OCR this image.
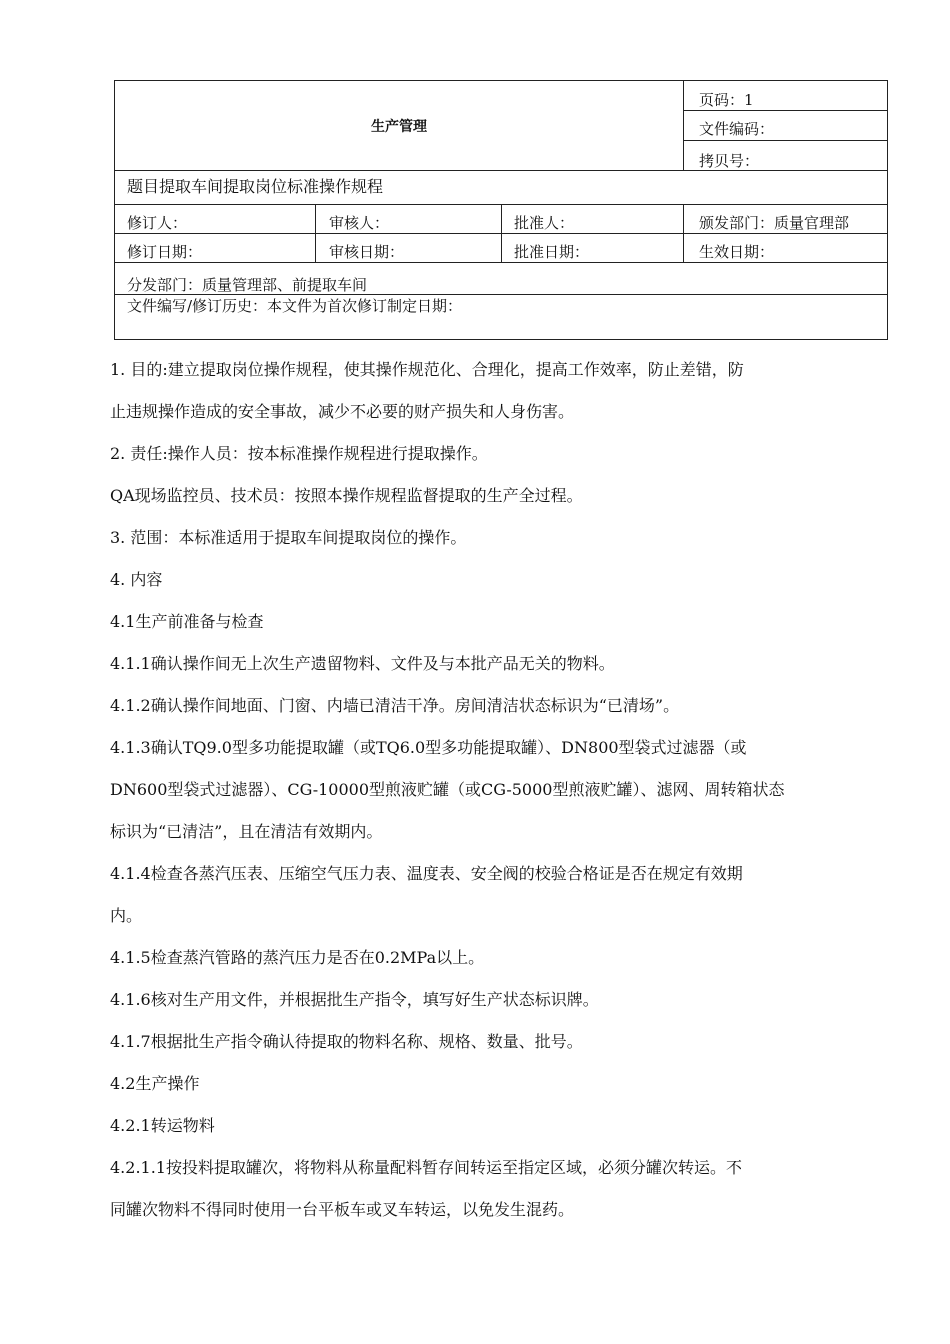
生产管理
页码：1
文件编码：
拷贝号：
题目提取车间提取岗位标准操作规程
修订人：	审核人：	批准人：	颁发部门：质量官理部
修订日期：	审核日期：	批准日期：	生效日期：
分发部门：质量管理部、前提取车间
文件编写/修订历史：本文件为首次修订制定日期：
1. 目的:建立提取岗位操作规程，使其操作规范化、合理化，提高工作效率，防止差错，防
止违规操作造成的安全事故，减少不必要的财产损失和人身伤害。
2. 责任:操作人员：按本标准操作规程进行提取操作。
QA现场监控员、技术员：按照本操作规程监督提取的生产全过程。
3. 范围：本标准适用于提取车间提取岗位的操作。
4. 内容
4.1生产前准备与检查
4.1.1确认操作间无上次生产遗留物料、文件及与本批产品无关的物料。
4.1.2确认操作间地面、门窗、内墙已清洁干净。房间清洁状态标识为“已清场”。
4.1.3确认TQ9.0型多功能提取罐（或TQ6.0型多功能提取罐）、DN800型袋式过滤器（或
DN600型袋式过滤器）、CG-10000型煎液贮罐（或CG-5000型煎液贮罐）、滤网、周转箱状态
标识为“已清洁”，且在清洁有效期内。
4.1.4检查各蒸汽压表、压缩空气压力表、温度表、安全阀的校验合格证是否在规定有效期
内。
4.1.5检查蒸汽管路的蒸汽压力是否在0.2MPa以上。
4.1.6核对生产用文件，并根据批生产指令，填写好生产状态标识牌。
4.1.7根据批生产指令确认待提取的物料名称、规格、数量、批号。
4.2生产操作
4.2.1转运物料
4.2.1.1按投料提取罐次，将物料从称量配料暂存间转运至指定区域，必须分罐次转运。不
同罐次物料不得同时使用一台平板车或叉车转运，以免发生混药。
